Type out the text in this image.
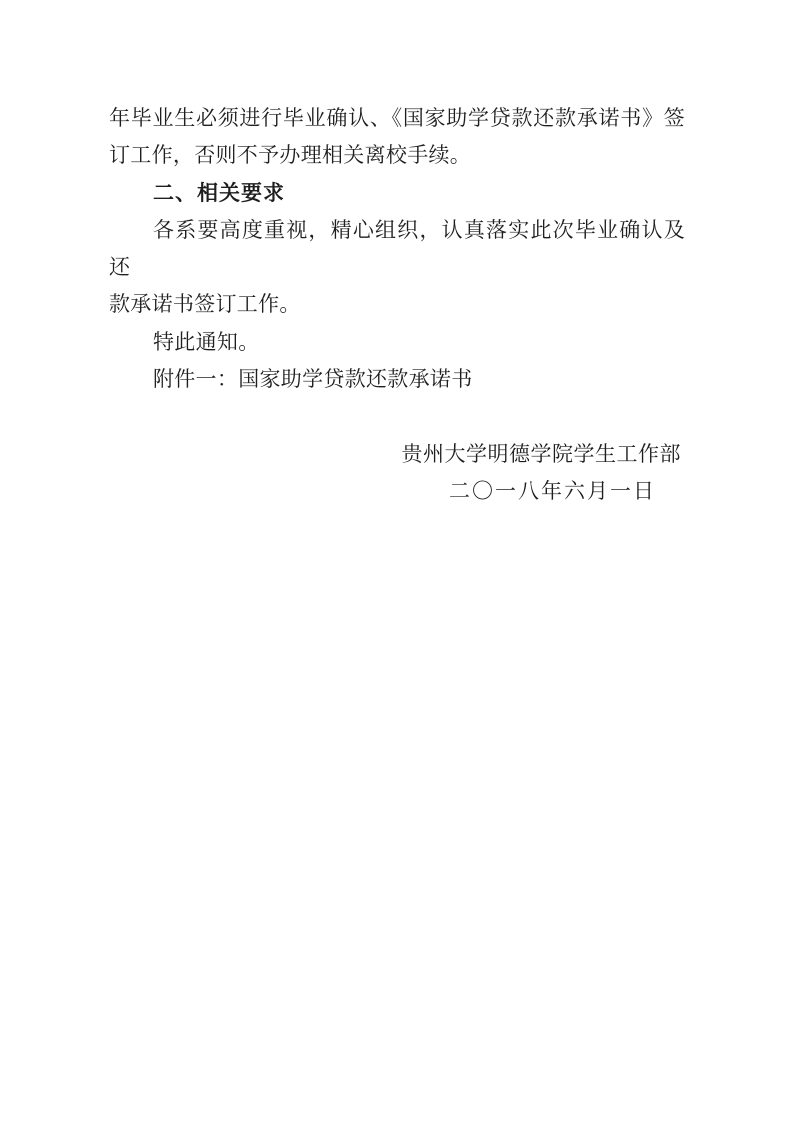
年毕业生必须进行毕业确认、《国家助学贷款还款承诺书》签

订工作，否则不予办理相关离校手续。

二、相关要求

各系要高度重视，精心组织，认真落实此次毕业确认及还

款承诺书签订工作。

特此通知。

附件一：国家助学贷款还款承诺书

贵州大学明德学院学生工作部

二〇一八年六月一日
